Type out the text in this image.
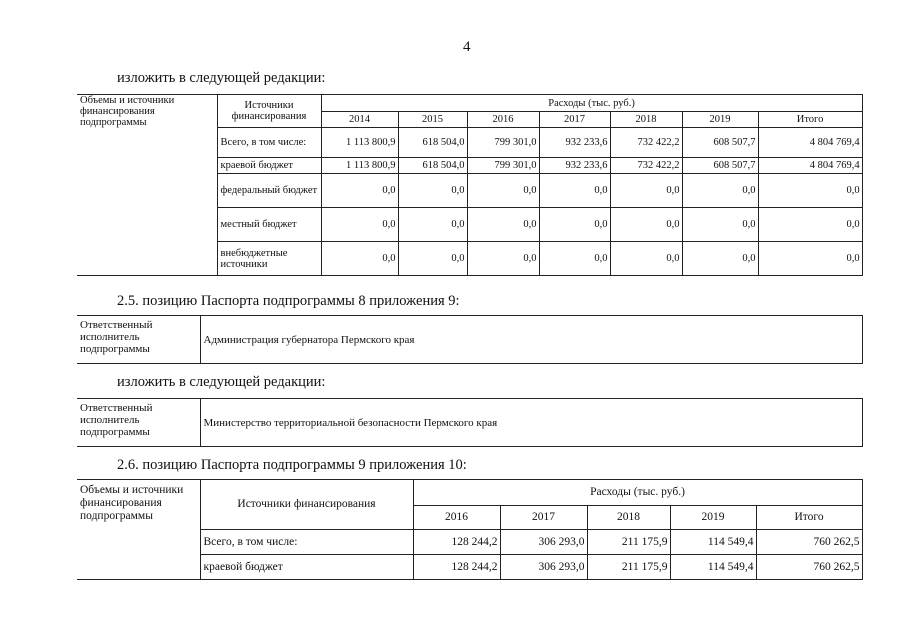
4
изложить в следующей редакции:
Объемы и источники финансирования подпрограммы	Источники финансирования	Расходы (тыс. руб.)						
		2014	2015	2016	2017	2018	2019	Итого
	Всего, в том числе:	1 113 800,9	618 504,0	799 301,0	932 233,6	732 422,2	608 507,7	4 804 769,4
	краевой бюджет	1 113 800,9	618 504,0	799 301,0	932 233,6	732 422,2	608 507,7	4 804 769,4
	федеральный бюджет	0,0	0,0	0,0	0,0	0,0	0,0	0,0
	местный бюджет	0,0	0,0	0,0	0,0	0,0	0,0	0,0
	внебюджетные источники	0,0	0,0	0,0	0,0	0,0	0,0	0,0
2.5. позицию Паспорта подпрограммы 8 приложения 9:
Ответственный исполнитель подпрограммы	Администрация губернатора Пермского края
изложить в следующей редакции:
Ответственный исполнитель подпрограммы	Министерство территориальной безопасности Пермского края
2.6. позицию Паспорта подпрограммы 9 приложения 10:
Объемы и источники финансирования подпрограммы	Источники финансирования	Расходы (тыс. руб.)				
		2016	2017	2018	2019	Итого
	Всего, в том числе:	128 244,2	306 293,0	211 175,9	114 549,4	760 262,5
	краевой бюджет	128 244,2	306 293,0	211 175,9	114 549,4	760 262,5
